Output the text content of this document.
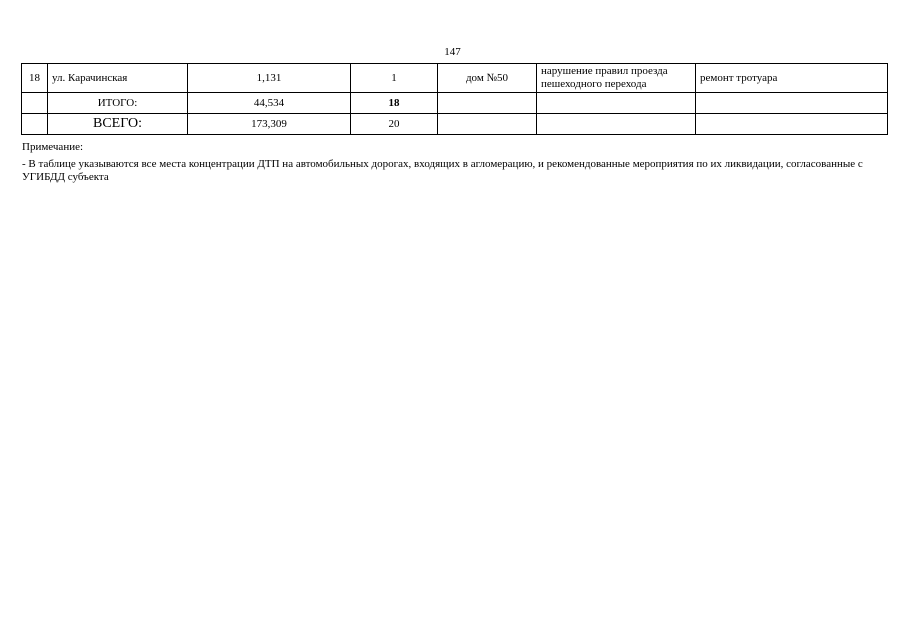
147
18	ул. Карачинская	1,131	1	дом №50	нарушение правил проезда пешеходного перехода	ремонт тротуара
	ИТОГО:	44,534	18			
	ВСЕГО:	173,309	20			
Примечание:
- В таблице указываются все места концентрации ДТП на автомобильных дорогах, входящих в агломерацию, и рекомендованные мероприятия по их ликвидации, согласованные с УГИБДД субъекта
